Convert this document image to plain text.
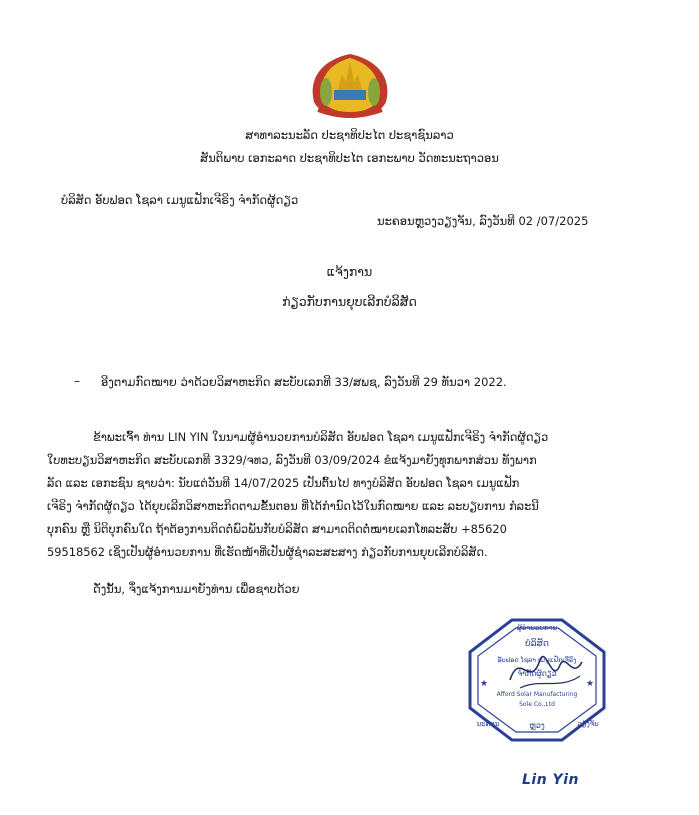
ສາທາລະນະລັດ ປະຊາທິປະໄຕ ປະຊາຊົນລາວ
ສັນຕິພາບ ເອກະລາດ ປະຊາທິປະໄຕ ເອກະພາບ ວັດທະນະຖາວອນ
ບໍລິສັດ ອັບຟອດ ໂຊລາ ເມນູແຟັກເຈີຣິງ ຈຳກັດຜູ້ດຽວ
ນະຄອນຫຼວງວຽງຈັນ, ລົງວັນທີ 02 /07/2025
ແຈ້ງການ
ກ່ຽວກັບການຍຸບເລີກບໍລິສັດ
– ອີງຕາມກົດໝາຍ ວ່າດ້ວຍວິສາຫະກິດ ສະບັບເລກທີ 33/ສພຊ, ລົງວັນທີ 29 ທັນວາ 2022.
ຂ້າພະເຈົ້າ ທ່ານ LIN YIN ໃນນາມຜູ້ອຳນວຍການບໍລິສັດ ອັບຟອດ ໂຊລາ ເມນູແຟັກເຈີຣິງ ຈຳກັດຜູ້ດຽວ
ໃບທະບຽນວິສາຫະກິດ ສະບັບເລກທີ 3329/ຈທວ, ລົງວັນທີ 03/09/2024 ຂໍແຈ້ງມາຍັງທຸກພາກສ່ວນ ທັງພາກ
ລັດ ແລະ ເອກະຊົນ ຊາບວ່າ: ນັບແຕ່ວັນທີ 14/07/2025 ເປັນຕົ້ນໄປ ທາງບໍລິສັດ ອັບຟອດ ໂຊລາ ເມນູແຟັກ
ເຈີຣິງ ຈຳກັດຜູ້ດຽວ ໄດ້ຍຸບເລີກວິສາຫະກິດຕາມຂັ້ນຕອນ ທີ່ໄດ້ກຳນົດໄວ້ໃນກົດໝາຍ ແລະ ລະບຽບການ ກໍລະນີ
ບຸກຄົນ ຫຼື ນິຕິບຸກຄົນໃດ ຖ້າຕ້ອງການຕິດຕໍ່ພົວພັນກັບບໍລິສັດ ສາມາດຕິດຕໍ່ໝາຍເລກໂທລະສັບ +85620
59518562 ເຊິ່ງເປັນຜູ້ອຳນວຍການ ທີ່ເຮັດໜ້າທີ່ເປັນຜູ້ຊຳລະສະສາງ ກ່ຽວກັບການຍຸບເລີກບໍລິສັດ.
ດັ່ງນັ້ນ, ຈຶ່ງແຈ້ງການມາຍັງທ່ານ ເພື່ອຊາບດ້ວຍ
ຜູ້ອຳນວຍການ
ບໍລິສັດ
ອັບຟອດ ໂຊລາ ເມນູແຟັກເຈີຣິງ
ຈຳກັດຜູ້ດຽວ
Afford Solar Manufacturing
Sole Co.,Ltd
ຫຼວງ
ນະຄອນ	ວຽງຈັນ
★	★
Lin Yin
